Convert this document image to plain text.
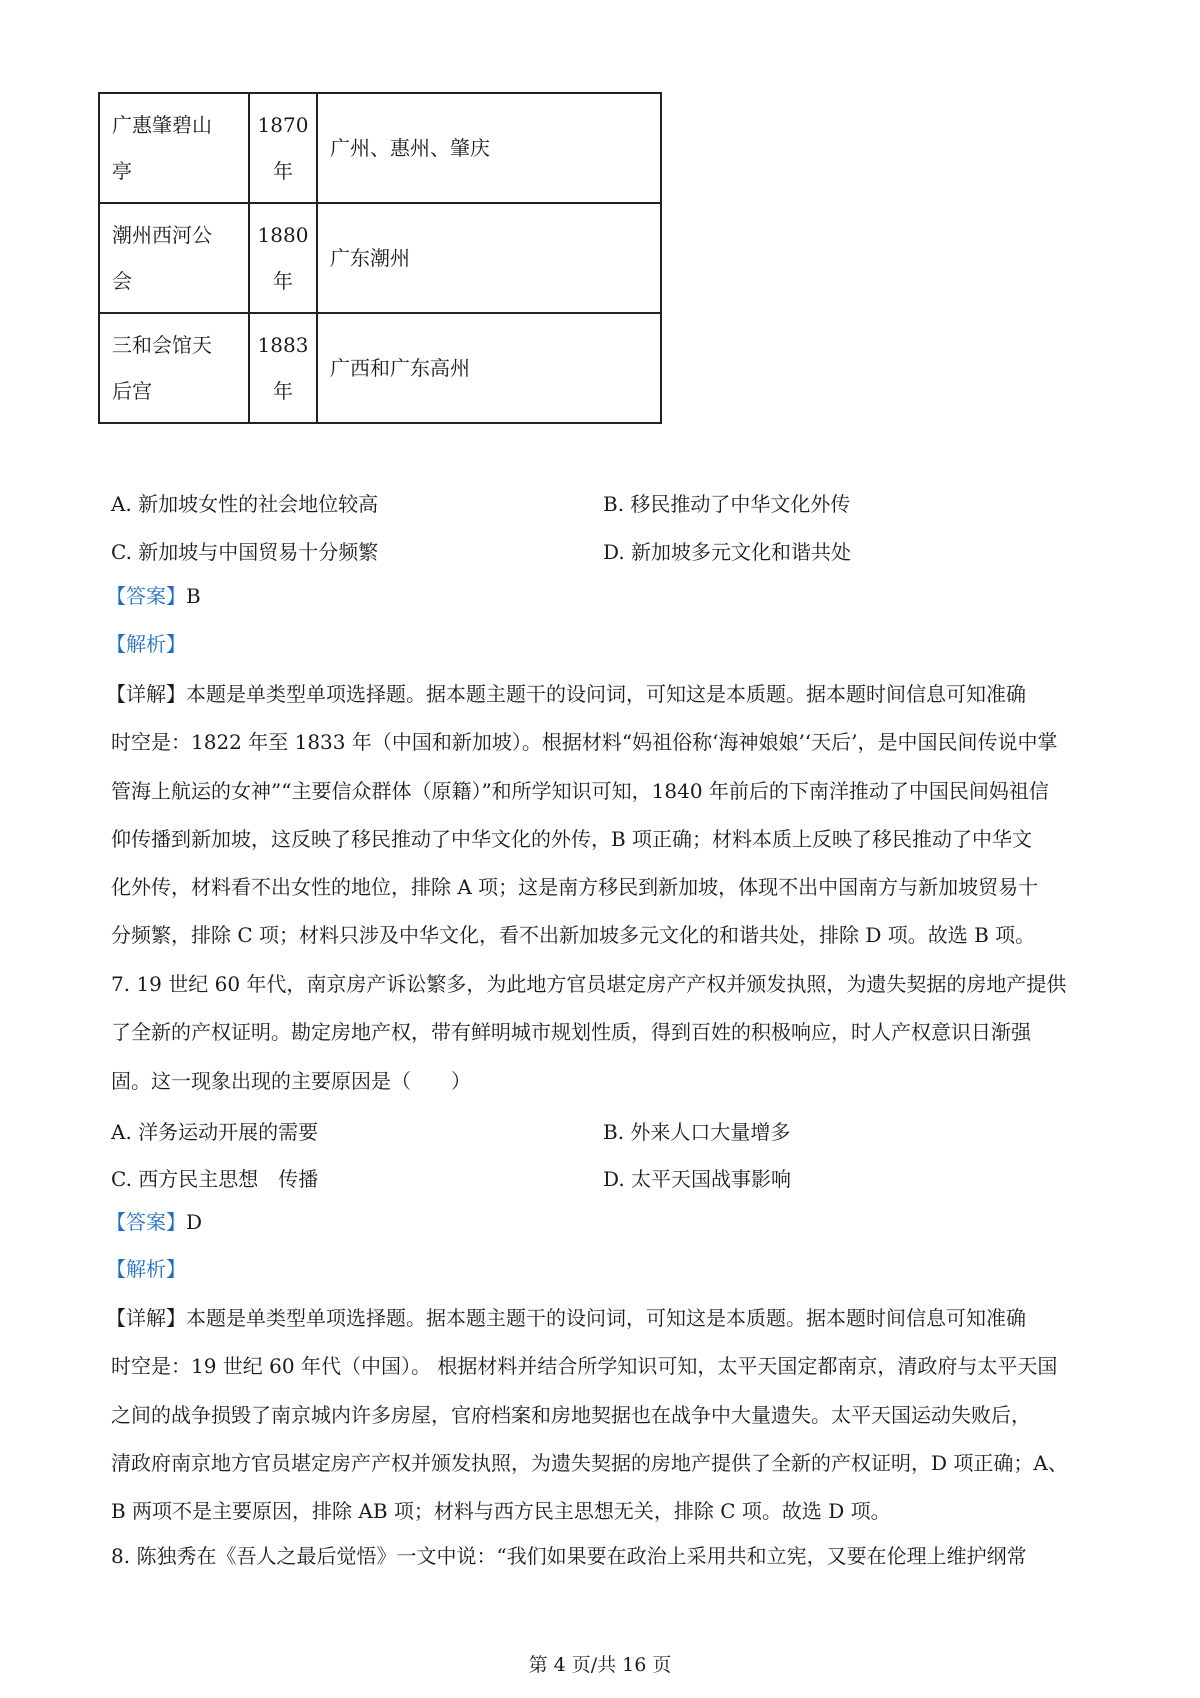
广惠肇碧山
亭	1870年	广州、惠州、肇庆
潮州西河公
会	1880年	广东潮州
三和会馆天
后宫	1883年	广西和广东高州
A. 新加坡女性的社会地位较高	B. 移民推动了中华文化外传
C. 新加坡与中国贸易十分频繁	D. 新加坡多元文化和谐共处
【答案】B
【解析】
【详解】本题是单类型单项选择题。据本题主题干的设问词，可知这是本质题。据本题时间信息可知准确
时空是：1822 年至 1833 年（中国和新加坡）。根据材料“妈祖俗称‘海神娘娘’‘天后’，是中国民间传说中掌
管海上航运的女神”“主要信众群体（原籍）”和所学知识可知，1840 年前后的下南洋推动了中国民间妈祖信
仰传播到新加坡，这反映了移民推动了中华文化的外传，B 项正确；材料本质上反映了移民推动了中华文
化外传，材料看不出女性的地位，排除 A 项；这是南方移民到新加坡，体现不出中国南方与新加坡贸易十
分频繁，排除 C 项；材料只涉及中华文化，看不出新加坡多元文化的和谐共处，排除 D 项。故选 B 项。
7. 19 世纪 60 年代，南京房产诉讼繁多，为此地方官员堪定房产产权并颁发执照，为遗失契据的房地产提供
了全新的产权证明。勘定房地产权，带有鲜明城市规划性质，得到百姓的积极响应，时人产权意识日渐强
固。这一现象出现的主要原因是（　　）
A. 洋务运动开展的需要	B. 外来人口大量增多
C. 西方民主思想　传播	D. 太平天国战事影响
【答案】D
【解析】
【详解】本题是单类型单项选择题。据本题主题干的设问词，可知这是本质题。据本题时间信息可知准确
时空是：19 世纪 60 年代（中国）。 根据材料并结合所学知识可知，太平天国定都南京，清政府与太平天国
之间的战争损毁了南京城内许多房屋，官府档案和房地契据也在战争中大量遗失。太平天国运动失败后，
清政府南京地方官员堪定房产产权并颁发执照，为遗失契据的房地产提供了全新的产权证明，D 项正确；A、
B 两项不是主要原因，排除 AB 项；材料与西方民主思想无关，排除 C 项。故选 D 项。
8. 陈独秀在《吾人之最后觉悟》一文中说：“我们如果要在政治上采用共和立宪，又要在伦理上维护纲常
第 4 页/共 16 页
